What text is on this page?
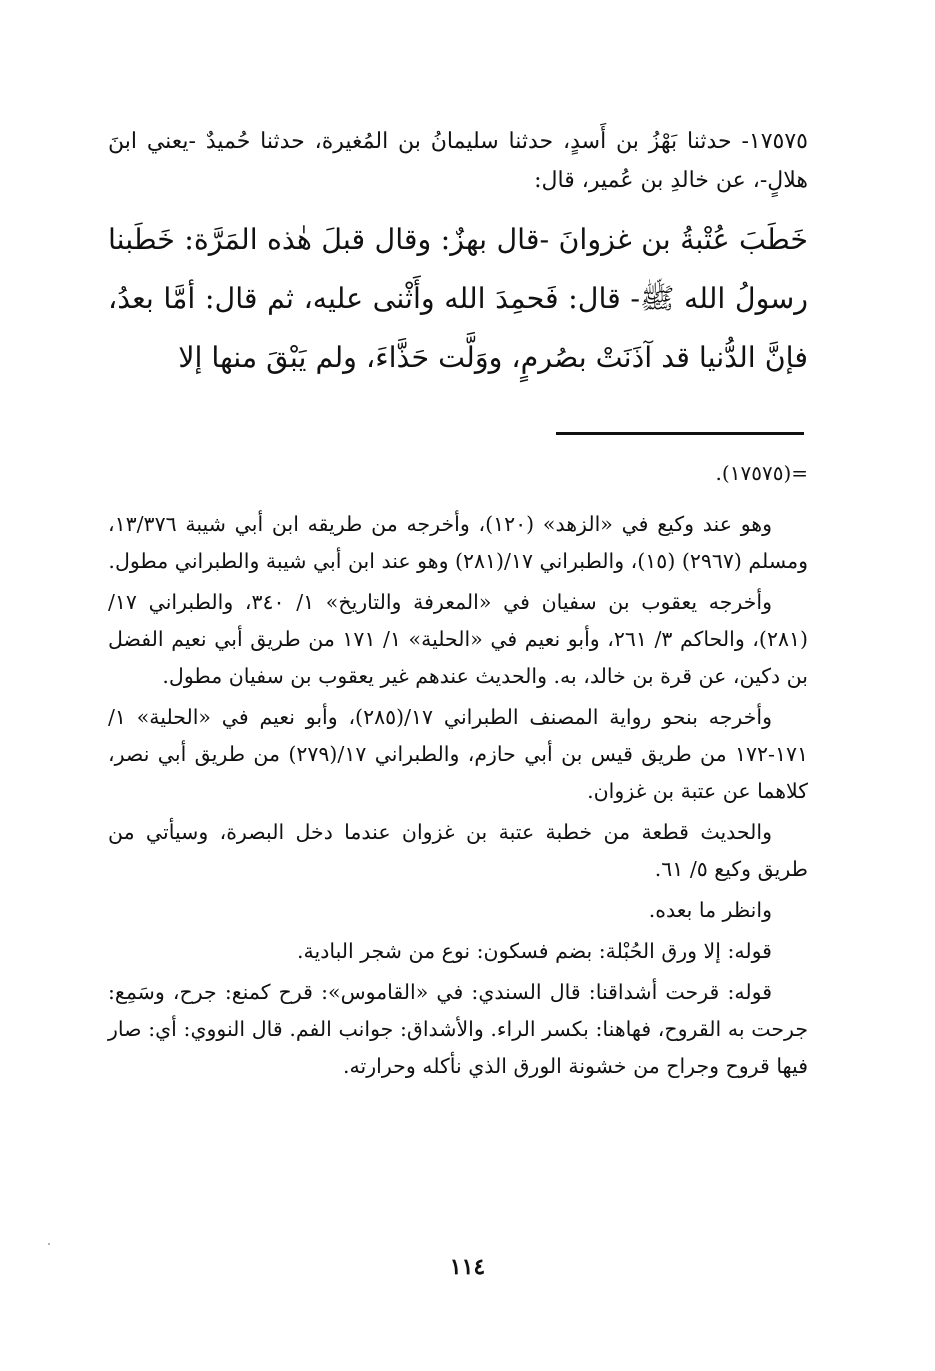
١٧٥٧٥- حدثنا بَهْزُ بن أَسدٍ، حدثنا سليمانُ بن المُغيرة، حدثنا حُميدٌ -يعني ابنَ هلالٍ-، عن خالدِ بن عُمير، قال:

خَطَبَ عُتْبةُ بن غزوانَ -قال بهزٌ: وقال قبلَ هٰذه المَرَّة: خَطَبنا رسولُ الله ﷺ- قال: فَحمِدَ الله وأَثْنى عليه، ثم قال: أمَّا بعدُ، فإنَّ الدُّنيا قد آذَنَتْ بصُرمٍ، ووَلَّت حَذَّاءَ، ولم يَبْقَ منها إلا

=(١٧٥٧٥).

وهو عند وكيع في «الزهد» (١٢٠)، وأخرجه من طريقه ابن أبي شيبة ١٣/٣٧٦، ومسلم (٢٩٦٧) (١٥)، والطبراني ١٧/(٢٨١) وهو عند ابن أبي شيبة والطبراني مطول.

وأخرجه يعقوب بن سفيان في «المعرفة والتاريخ» ١/ ٣٤٠، والطبراني ١٧/ (٢٨١)، والحاكم ٣/ ٢٦١، وأبو نعيم في «الحلية» ١/ ١٧١ من طريق أبي نعيم الفضل بن دكين، عن قرة بن خالد، به. والحديث عندهم غير يعقوب بن سفيان مطول.

وأخرجه بنحو رواية المصنف الطبراني ١٧/(٢٨٥)، وأبو نعيم في «الحلية» ١/ ١٧١-١٧٢ من طريق قيس بن أبي حازم، والطبراني ١٧/(٢٧٩) من طريق أبي نصر، كلاهما عن عتبة بن غزوان.

والحديث قطعة من خطبة عتبة بن غزوان عندما دخل البصرة، وسيأتي من طريق وكيع ٥/ ٦١.

وانظر ما بعده.

قوله: إلا ورق الحُبْلة: بضم فسكون: نوع من شجر البادية.

قوله: قرحت أشداقنا: قال السندي: في «القاموس»: قرح كمنع: جرح، وسَمِع: جرحت به القروح، فهاهنا: بكسر الراء. والأشداق: جوانب الفم. قال النووي: أي: صار فيها قروح وجراح من خشونة الورق الذي نأكله وحرارته.

١١٤
